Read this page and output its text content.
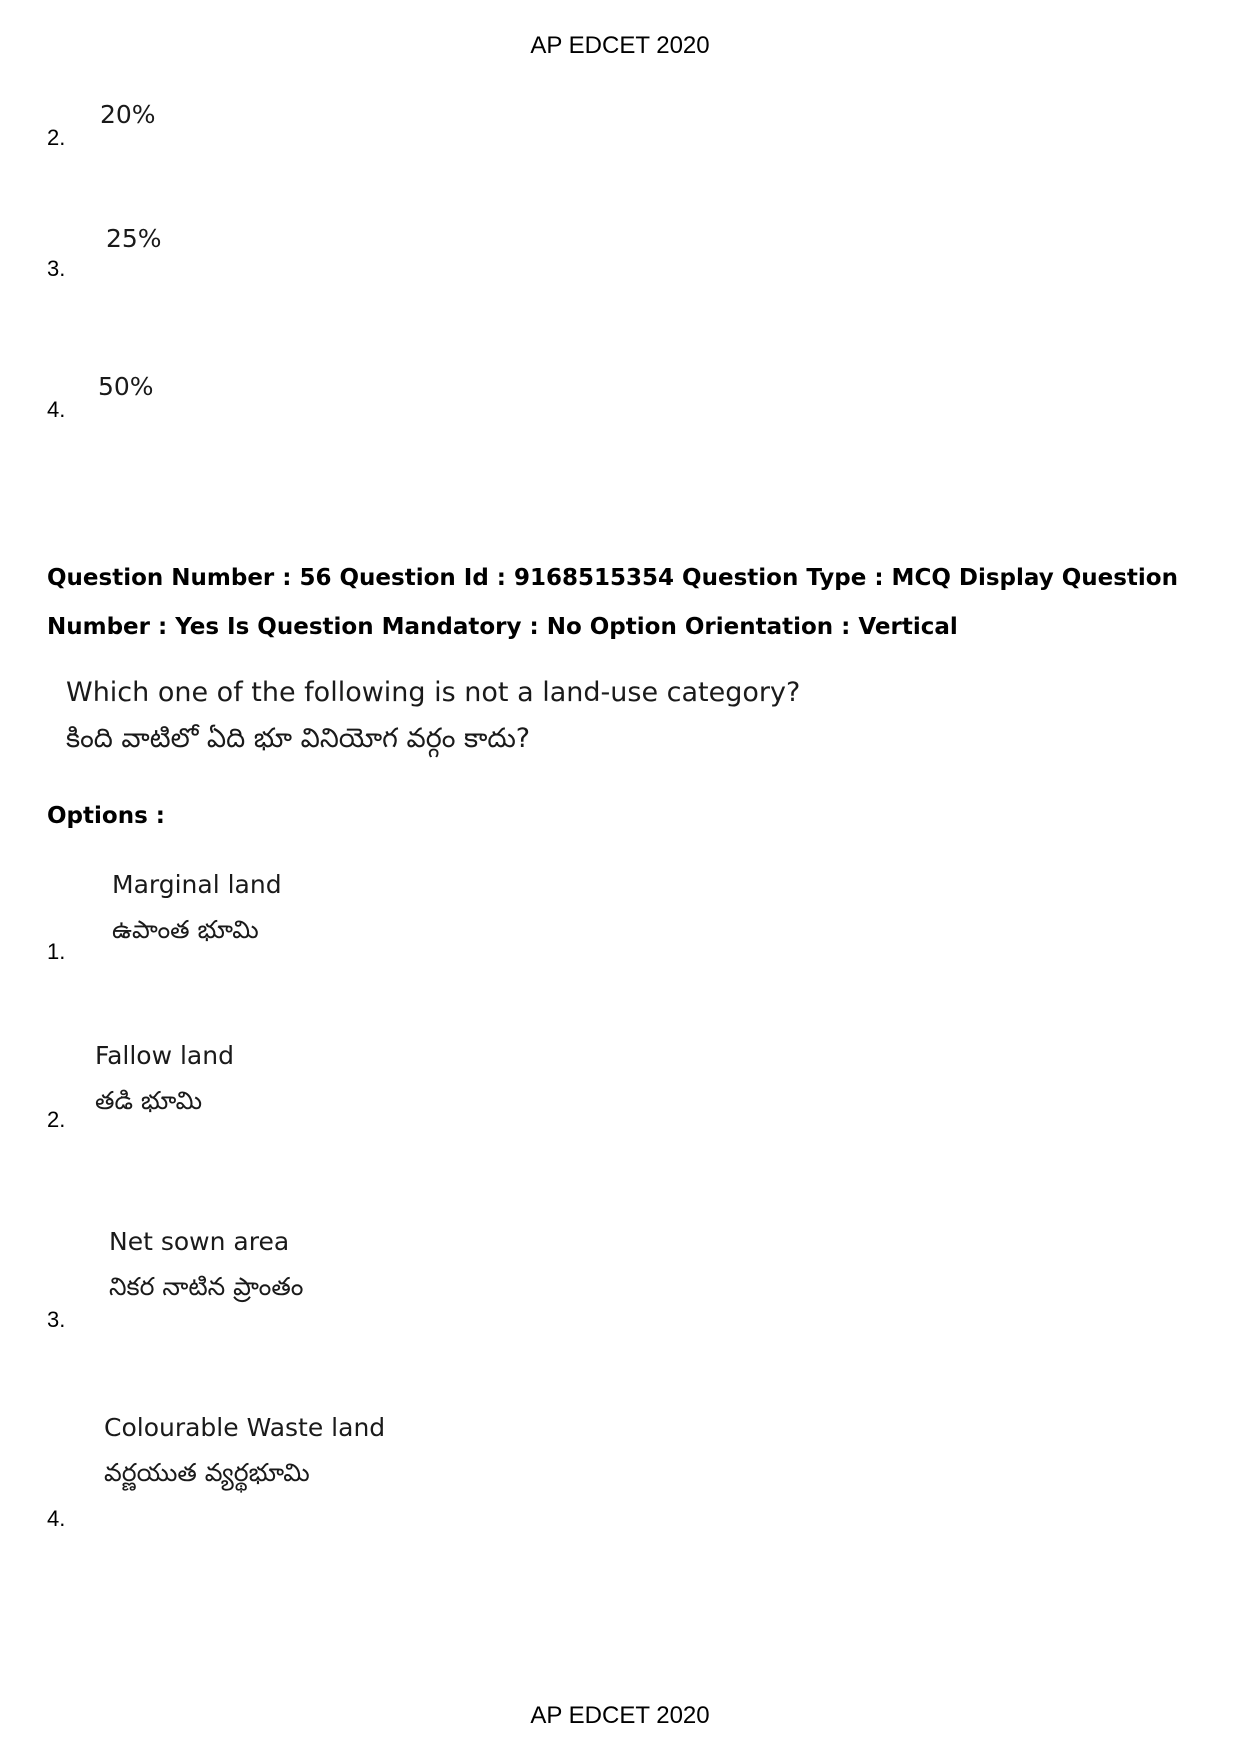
AP EDCET 2020
20%
2.
25%
3.
50%
4.
Question Number : 56 Question Id : 9168515354 Question Type : MCQ Display Question Number : Yes Is Question Mandatory : No Option Orientation : Vertical
Which one of the following is not a land-use category?
కింది వాటిలో ఏది భూ వినియోగ వర్గం కాదు?
Options :
Marginal land
ఉపాంత భూమి
1.
Fallow land
తడి భూమి
2.
Net sown area
నికర నాటిన ప్రాంతం
3.
Colourable Waste land
వర్ణయుత వ్యర్థభూమి
4.
AP EDCET 2020
